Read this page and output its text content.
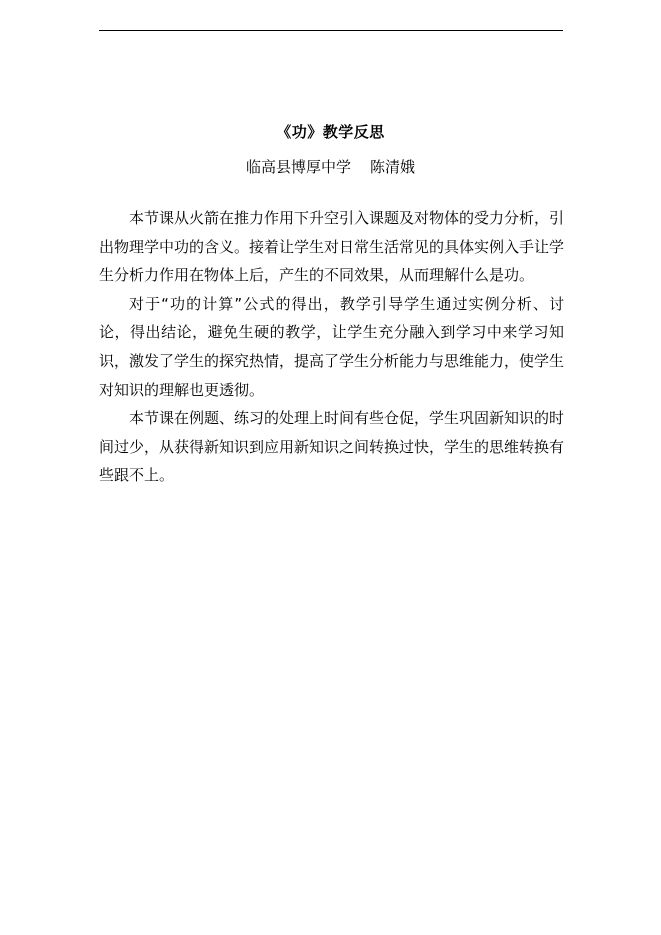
《功》教学反思
临高县博厚中学    陈清娥

本节课从火箭在推力作用下升空引入课题及对物体的受力分析，引出物理学中功的含义。接着让学生对日常生活常见的具体实例入手让学生分析力作用在物体上后，产生的不同效果，从而理解什么是功。

对于“功的计算”公式的得出，教学引导学生通过实例分析、讨论，得出结论，避免生硬的教学，让学生充分融入到学习中来学习知识，激发了学生的探究热情，提高了学生分析能力与思维能力，使学生对知识的理解也更透彻。

本节课在例题、练习的处理上时间有些仓促，学生巩固新知识的时间过少，从获得新知识到应用新知识之间转换过快，学生的思维转换有些跟不上。
